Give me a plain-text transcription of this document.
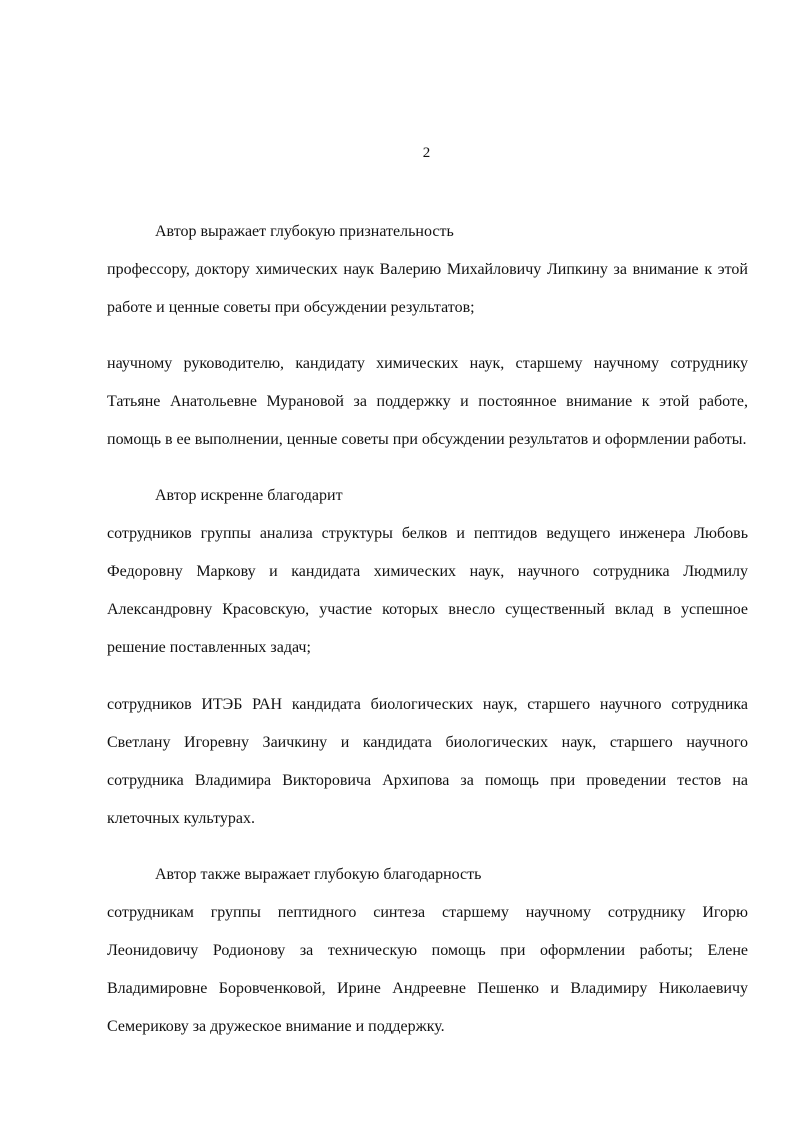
2
Автор выражает глубокую признательность
профессору, доктору химических наук Валерию Михайловичу Липкину за внимание к этой
работе и ценные советы при обсуждении результатов;
научному руководителю, кандидату химических наук, старшему научному сотруднику
Татьяне Анатольевне Мурановой за поддержку и постоянное внимание к этой работе,
помощь в ее выполнении, ценные советы при обсуждении результатов и оформлении работы.
Автор искренне благодарит
сотрудников группы анализа структуры белков и пептидов ведущего инженера Любовь
Федоровну Маркову и кандидата химических наук, научного сотрудника Людмилу
Александровну Красовскую, участие которых внесло существенный вклад в успешное
решение поставленных задач;
сотрудников ИТЭБ РАН кандидата биологических наук, старшего научного сотрудника
Светлану Игоревну Заичкину и кандидата биологических наук, старшего научного
сотрудника Владимира Викторовича Архипова за помощь при проведении тестов на
клеточных культурах.
Автор также выражает глубокую благодарность
сотрудникам группы пептидного синтеза старшему научному сотруднику Игорю
Леонидовичу Родионову за техническую помощь при оформлении работы; Елене
Владимировне Боровченковой, Ирине Андреевне Пешенко и Владимиру Николаевичу
Семерикову за дружеское внимание и поддержку.
